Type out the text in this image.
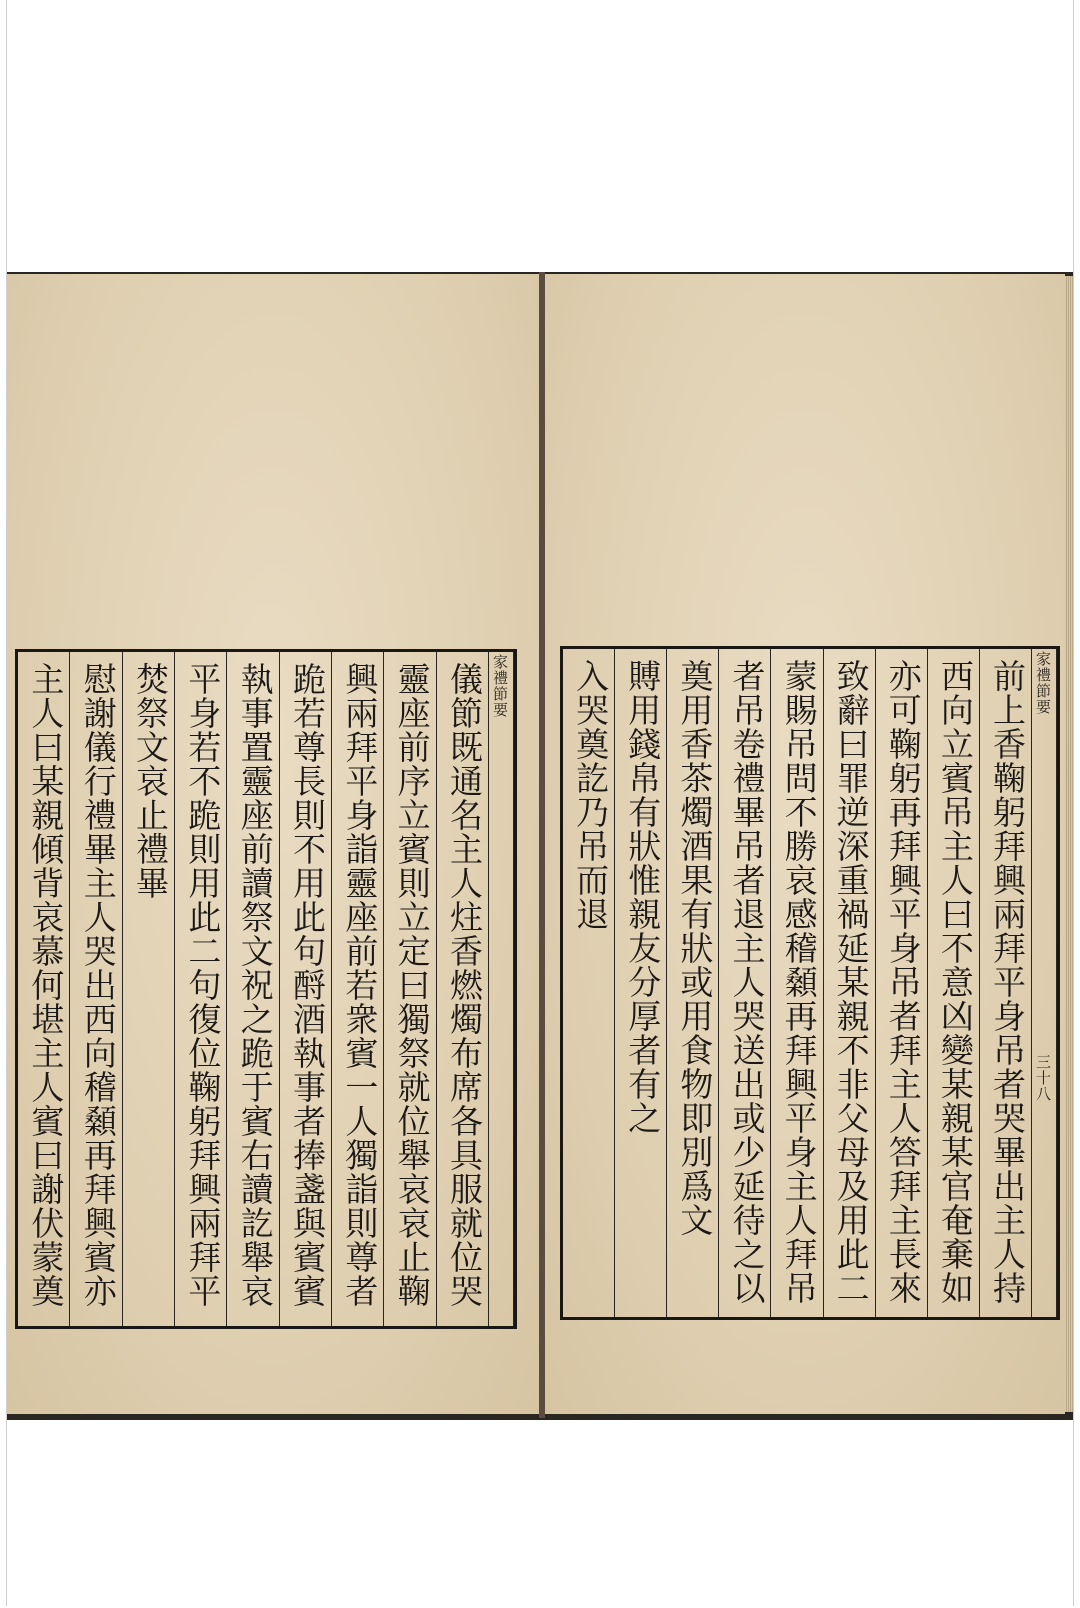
家禮節要
儀節既通名主人炷香燃燭布席各具服就位哭
靈座前序立賓則立定曰獨祭就位舉哀哀止鞠
興兩拜平身詣靈座前若衆賓一人獨詣則尊者
跪若尊長則不用此句酹酒執事者捧盞與賓賓
執事置靈座前讀祭文祝之跪于賓右讀訖舉哀
平身若不跪則用此二句復位鞠躬拜興兩拜平
焚祭文哀止禮畢
慰謝儀行禮畢主人哭出西向稽顙再拜興賓亦
主人曰某親傾背哀慕何堪主人賓曰謝伏蒙奠
家禮節要 三十八
前上香鞠躬拜興兩拜平身吊者哭畢出主人持
西向立賓吊主人曰不意凶變某親某官奄棄如
亦可鞠躬再拜興平身吊者拜主人答拜主長來
致辭曰罪逆深重禍延某親不非父母及用此二
蒙賜吊問不勝哀感稽顙再拜興平身主人拜吊
者吊卷禮畢吊者退主人哭送出或少延待之以
奠用香茶燭酒果有狀或用食物即別爲文
賻用錢帛有狀惟親友分厚者有之
入哭奠訖乃吊而退
